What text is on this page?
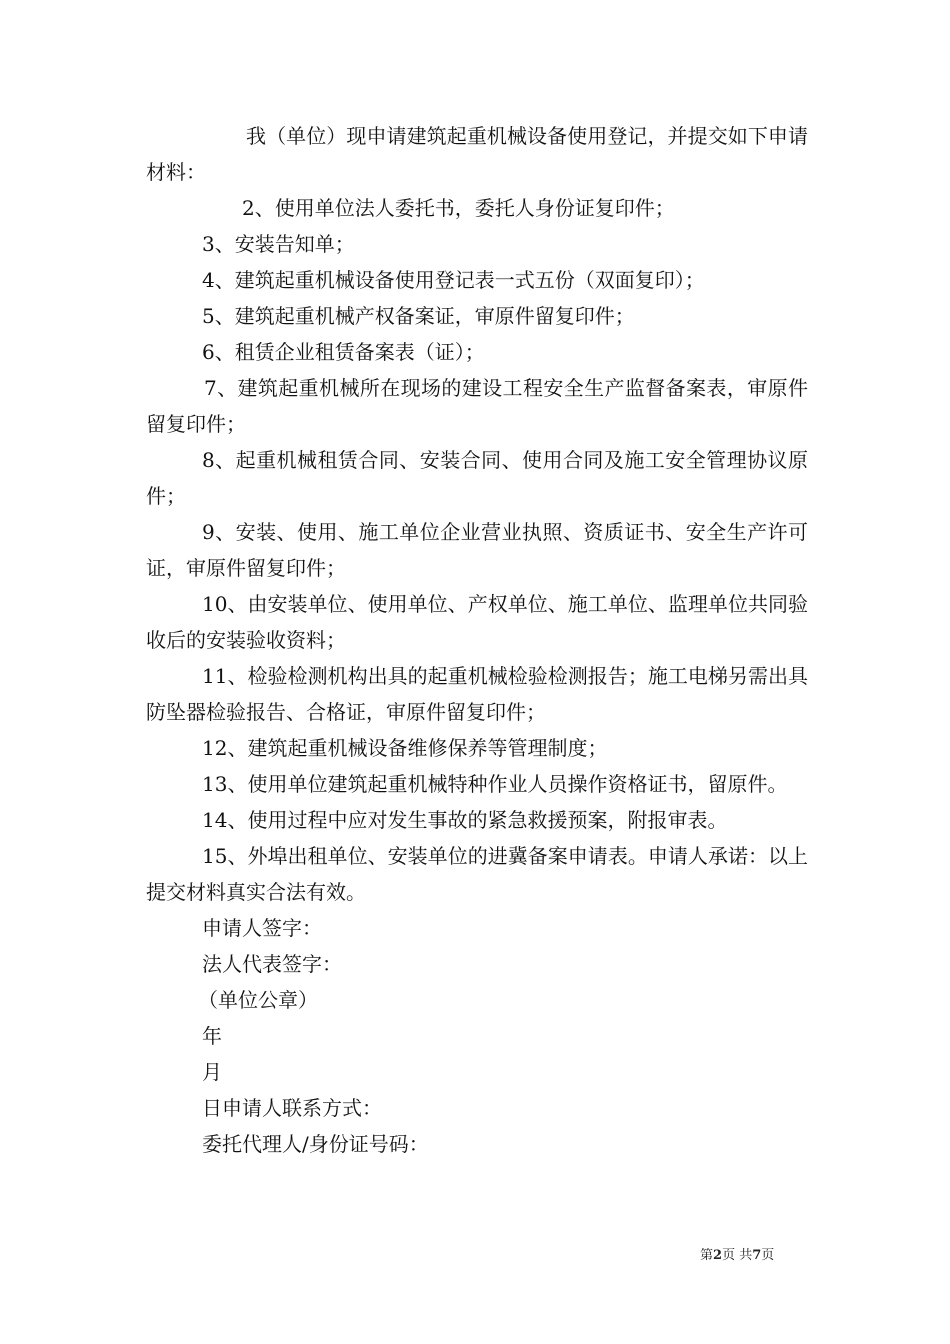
我（单位）现申请建筑起重机械设备使用登记，并提交如下申请材料：

2、使用单位法人委托书，委托人身份证复印件；

3、安装告知单；

4、建筑起重机械设备使用登记表一式五份（双面复印）；

5、建筑起重机械产权备案证，审原件留复印件；

6、租赁企业租赁备案表（证）；

7、建筑起重机械所在现场的建设工程安全生产监督备案表，审原件留复印件；

8、起重机械租赁合同、安装合同、使用合同及施工安全管理协议原件；

9、安装、使用、施工单位企业营业执照、资质证书、安全生产许可证，审原件留复印件；

10、由安装单位、使用单位、产权单位、施工单位、监理单位共同验收后的安装验收资料；

11、检验检测机构出具的起重机械检验检测报告；施工电梯另需出具防坠器检验报告、合格证，审原件留复印件；

12、建筑起重机械设备维修保养等管理制度；

13、使用单位建筑起重机械特种作业人员操作资格证书，留原件。

14、使用过程中应对发生事故的紧急救援预案，附报审表。

15、外埠出租单位、安装单位的进冀备案申请表。申请人承诺：以上提交材料真实合法有效。

申请人签字：

法人代表签字：

（单位公章）

年

月

日申请人联系方式：

委托代理人/身份证号码：

第2页 共7页
